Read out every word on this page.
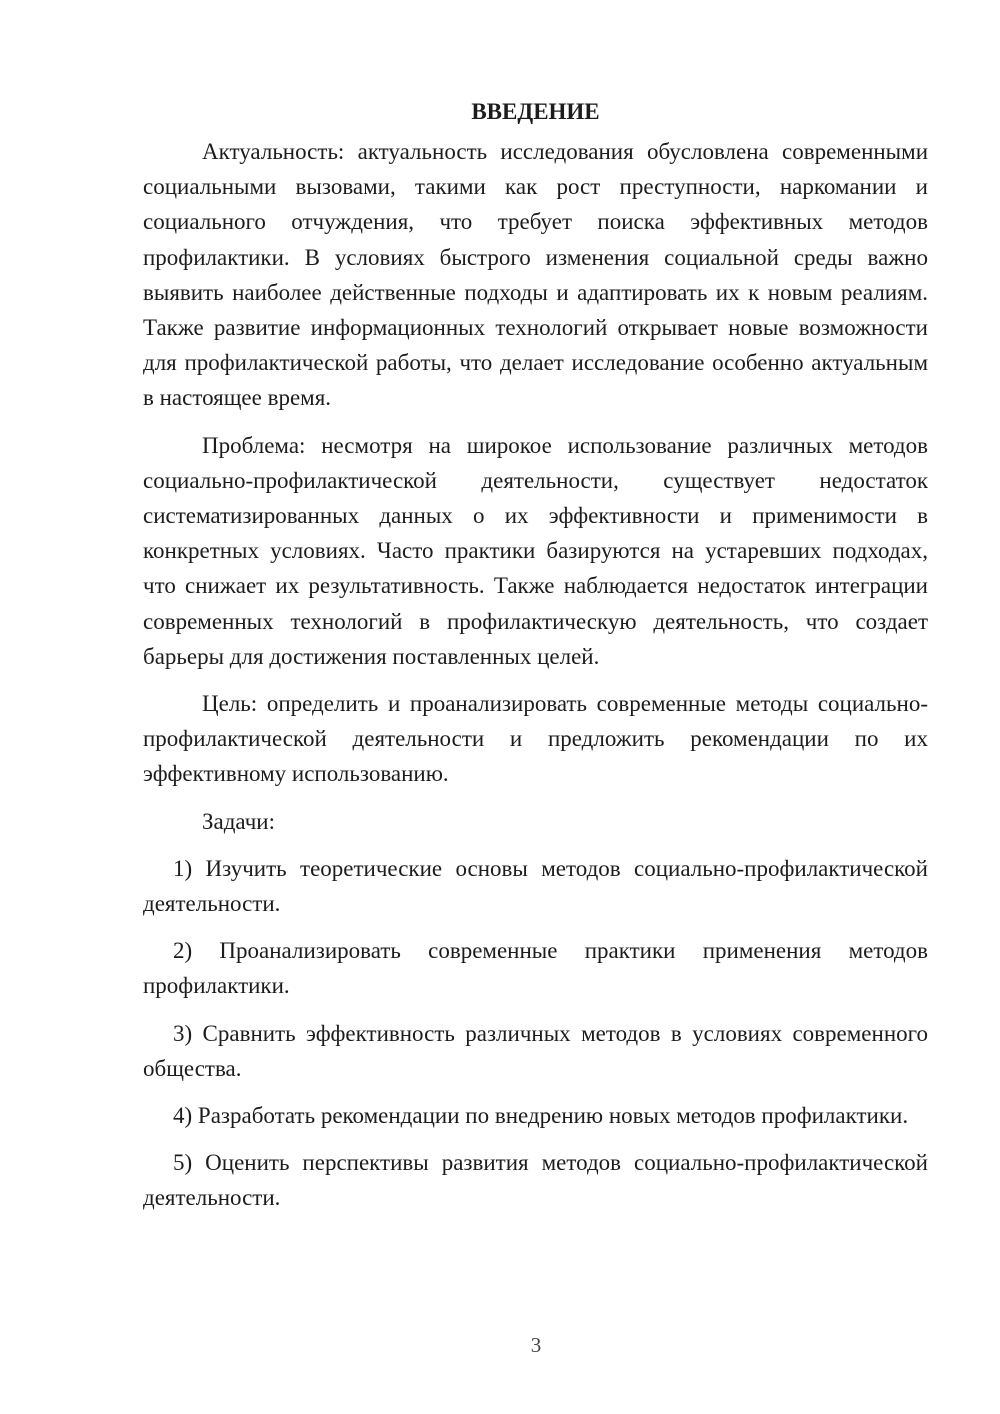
ВВЕДЕНИЕ

Актуальность: актуальность исследования обусловлена современными социальными вызовами, такими как рост преступности, наркомании и социального отчуждения, что требует поиска эффективных методов профилактики. В условиях быстрого изменения социальной среды важно выявить наиболее действенные подходы и адаптировать их к новым реалиям. Также развитие информационных технологий открывает новые возможности для профилактической работы, что делает исследование особенно актуальным в настоящее время.

Проблема: несмотря на широкое использование различных методов социально-профилактической деятельности, существует недостаток систематизированных данных о их эффективности и применимости в конкретных условиях. Часто практики базируются на устаревших подходах, что снижает их результативность. Также наблюдается недостаток интеграции современных технологий в профилактическую деятельность, что создает барьеры для достижения поставленных целей.

Цель: определить и проанализировать современные методы социально-профилактической деятельности и предложить рекомендации по их эффективному использованию.

Задачи:

1) Изучить теоретические основы методов социально-профилактической деятельности.

2) Проанализировать современные практики применения методов профилактики.

3) Сравнить эффективность различных методов в условиях современного общества.

4) Разработать рекомендации по внедрению новых методов профилактики.

5) Оценить перспективы развития методов социально-профилактической деятельности.

3
